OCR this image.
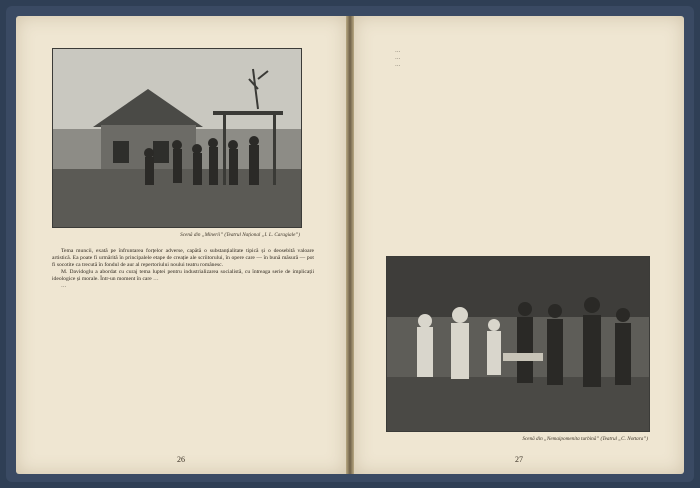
Scenă din „Minerii” (Teatrul Național „I. L. Caragiale”)

Tema muncii, exată pe înfruntarea forțelor adverse, capătă o substanțialitate tipică și o deosebită valoare artistică. Ea poate fi urmărită în principalele etape de creație ale scriitorului, în opere care — în bună măsură — pot fi socotite ca trecută în fondul de aur al repertoriului noului teatru românesc.

M. Davidoglu a abordat cu curaj tema luptei pentru industrializarea socialistă, cu întreaga serie de implicații ideologice și morale. Într-un moment în care …

…

26

…

…

…

Scenă din „Nemaipomenita turbină” (Teatrul „C. Nottara”)
27
